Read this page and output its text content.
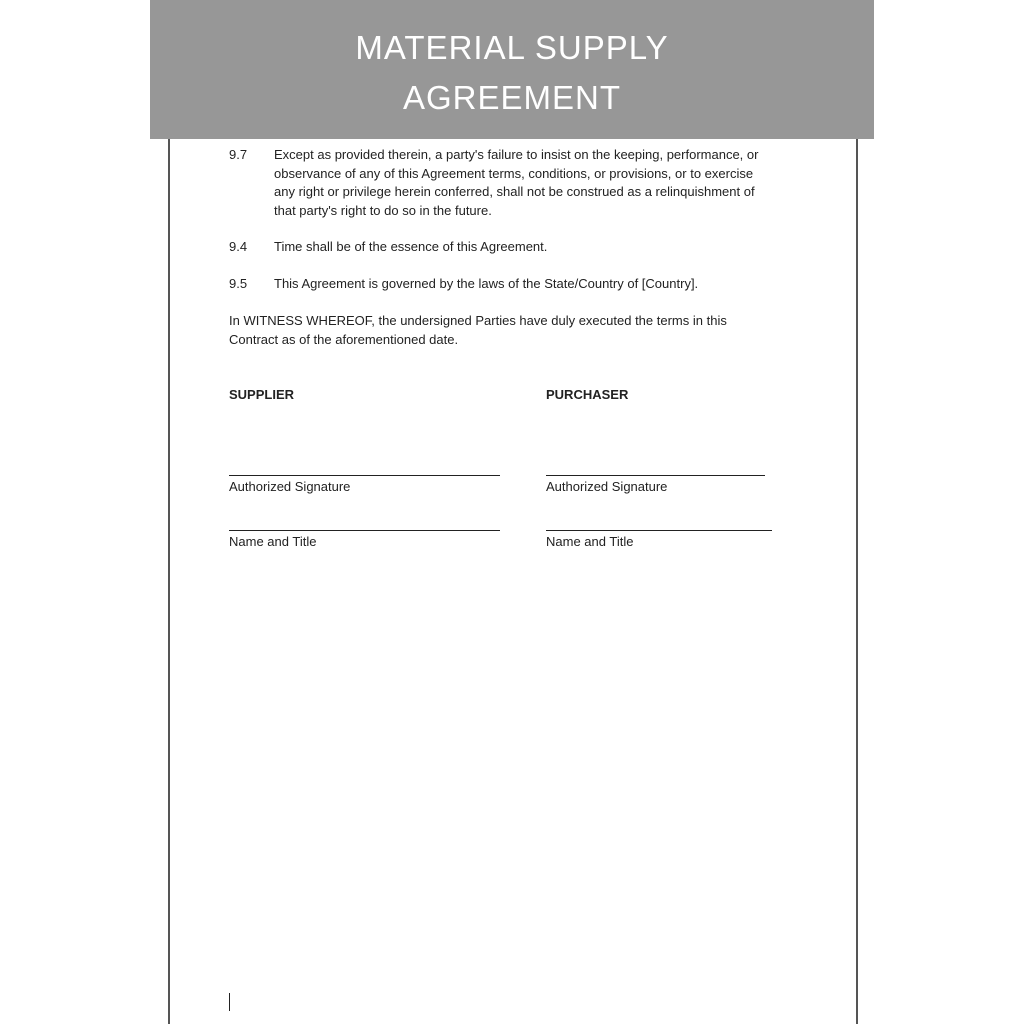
MATERIAL SUPPLY
AGREEMENT
9.7 Except as provided therein, a party's failure to insist on the keeping, performance, or
observance of any of this Agreement terms, conditions, or provisions, or to exercise
any right or privilege herein conferred, shall not be construed as a relinquishment of
that party's right to do so in the future.
9.4 Time shall be of the essence of this Agreement.
9.5 This Agreement is governed by the laws of the State/Country of [Country].
In WITNESS WHEREOF, the undersigned Parties have duly executed the terms in this
Contract as of the aforementioned date.
SUPPLIER	PURCHASER
Authorized Signature	Authorized Signature
Name and Title	Name and Title
